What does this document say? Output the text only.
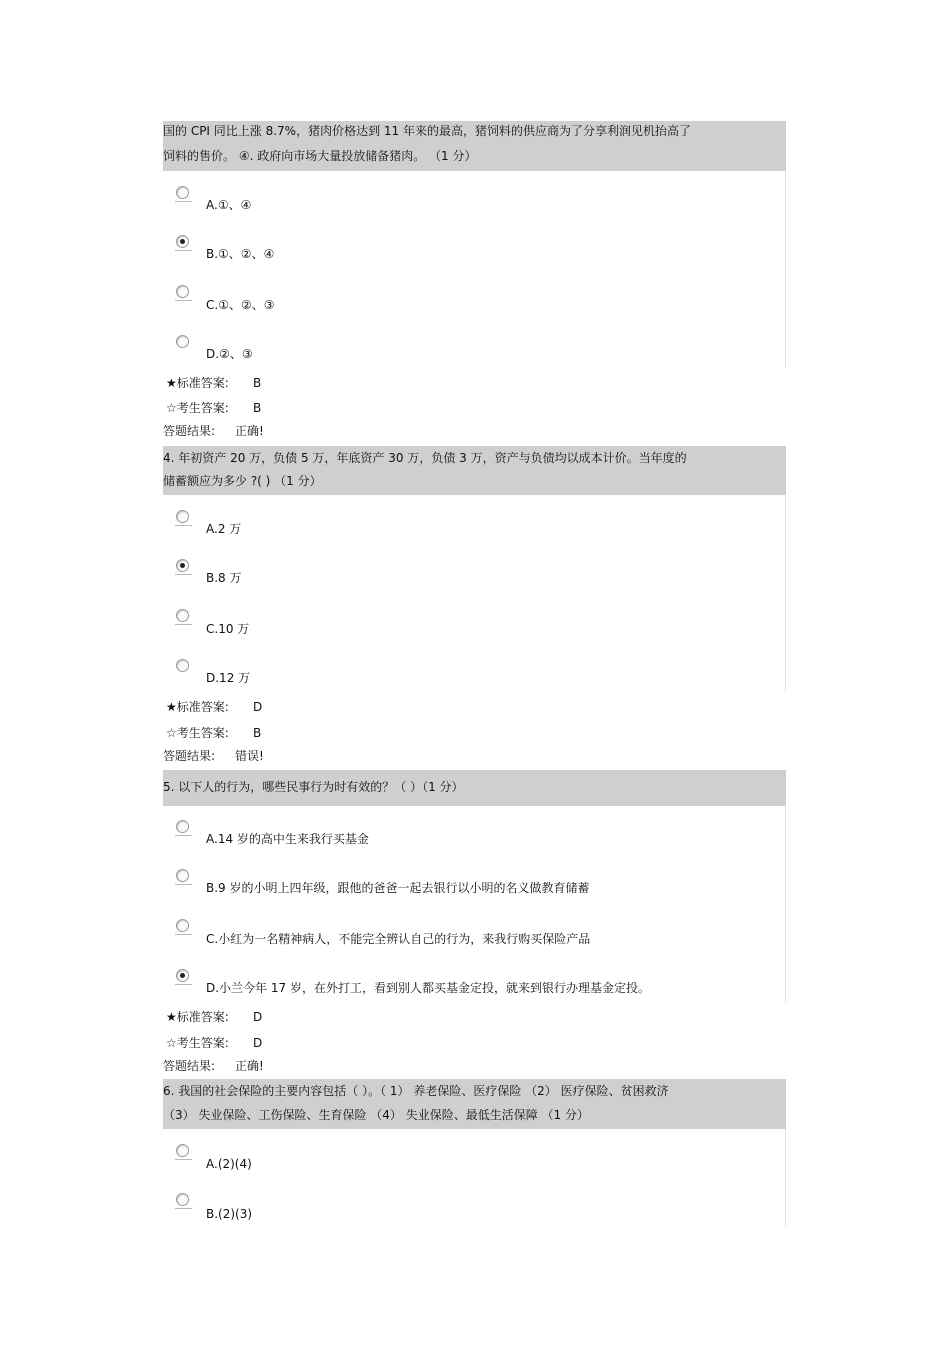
国的 CPI 同比上涨 8.7%，猪肉价格达到 11 年来的最高，猪饲料的供应商为了分享利润见机抬高了
饲料的售价。 ④. 政府向市场大量投放储备猪肉。 （1 分）
A.①、④
B.①、②、④
C.①、②、③
D.②、③
★标准答案: B
☆考生答案: B
答题结果: 正确!
4. 年初资产 20 万，负债 5 万，年底资产 30 万，负债 3 万，资产与负债均以成本计价。当年度的
储蓄额应为多少 ?( ) （1 分）
A.2 万
B.8 万
C.10 万
D.12 万
★标准答案: D
☆考生答案: B
答题结果: 错误!
5. 以下人的行为，哪些民事行为时有效的？（ ）（1 分）
A.14 岁的高中生来我行买基金
B.9 岁的小明上四年级，跟他的爸爸一起去银行以小明的名义做教育储蓄
C.小红为一名精神病人，不能完全辨认自己的行为，来我行购买保险产品
D.小兰今年 17 岁，在外打工，看到别人都买基金定投，就来到银行办理基金定投。
★标准答案: D
☆考生答案: D
答题结果: 正确!
6. 我国的社会保险的主要内容包括（ ）。（ 1） 养老保险、医疗保险 （2） 医疗保险、贫困救济
（3） 失业保险、工伤保险、生育保险 （4） 失业保险、最低生活保障 （1 分）
A.(2)(4)
B.(2)(3)
